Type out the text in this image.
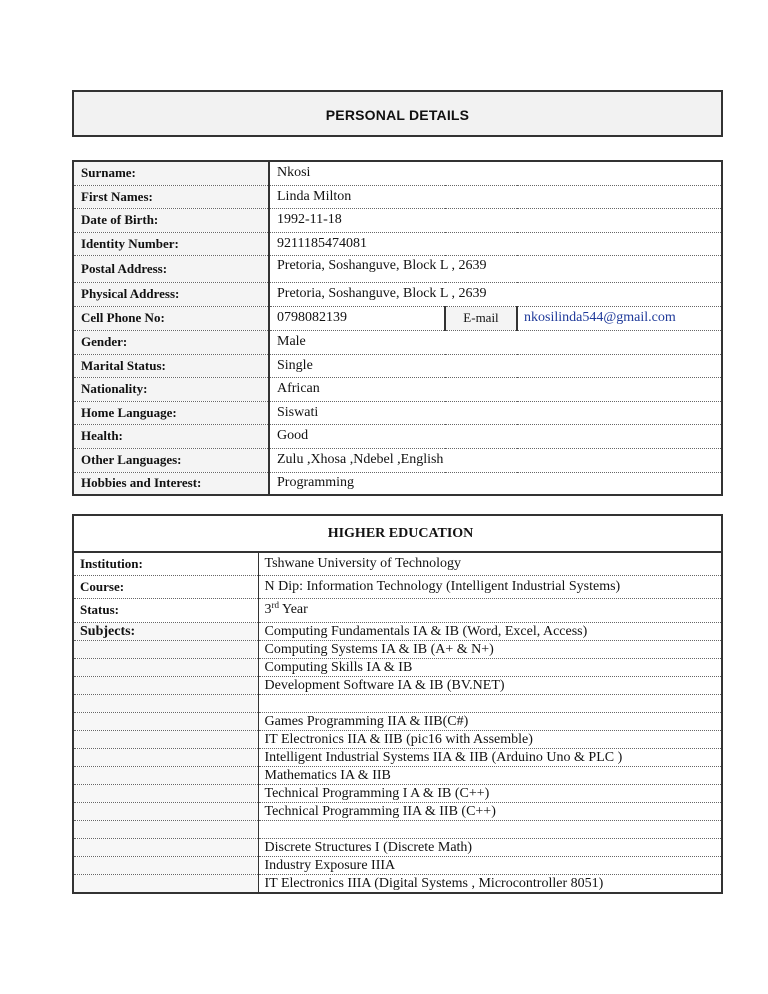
PERSONAL DETAILS
Surname:	Nkosi		
First Names:	Linda Milton		
Date of Birth:	1992-11-18		
Identity Number:	9211185474081		
Postal Address:	Pretoria, Soshanguve, Block L , 2639		
Physical Address:	Pretoria, Soshanguve, Block L , 2639		
Cell Phone No:	0798082139	E-mail	nkosilinda544@gmail.com
Gender:	Male		
Marital Status:	Single		
Nationality:	African		
Home Language:	Siswati		
Health:	Good		
Other Languages:	Zulu ,Xhosa ,Ndebel ,English		
Hobbies and Interest:	Programming		
HIGHER EDUCATION	
Institution:	Tshwane University of Technology
Course:	N Dip: Information Technology (Intelligent Industrial Systems)
Status:	3rd Year
Subjects:	Computing Fundamentals IA & IB (Word, Excel, Access)
	Computing Systems IA & IB (A+ & N+)
	Computing Skills IA & IB
	Development Software IA & IB (BV.NET)

	Games Programming IIA & IIB(C#)
	IT Electronics IIA & IIB (pic16 with Assemble)
	Intelligent Industrial Systems IIA & IIB (Arduino Uno & PLC )
	Mathematics IA & IIB
	Technical Programming I A & IB (C++)
	Technical Programming IIA & IIB (C++)

	Discrete Structures I (Discrete Math)
	Industry Exposure IIIA
	IT Electronics IIIA (Digital Systems , Microcontroller 8051)
